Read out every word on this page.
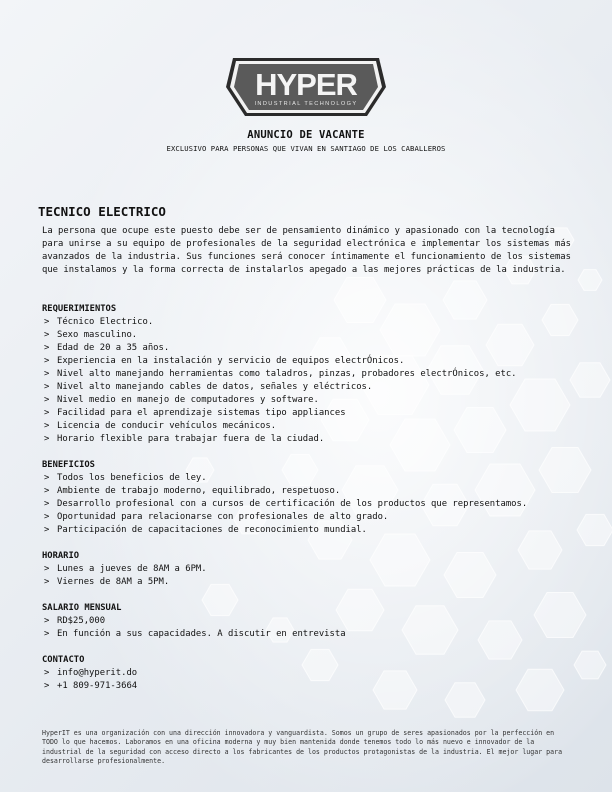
HYPER
INDUSTRIAL TECHNOLOGY
ANUNCIO DE VACANTE
EXCLUSIVO PARA PERSONAS QUE VIVAN EN SANTIAGO DE LOS CABALLEROS
TECNICO ELECTRICO

La persona que ocupe este puesto debe ser de pensamiento dinámico y apasionado con la tecnología para unirse a su equipo de profesionales de la seguridad electrónica e implementar los sistemas más avanzados de la industria. Sus funciones será conocer íntimamente el funcionamiento de los sistemas que instalamos y la forma correcta de instalarlos apegado a las mejores prácticas de la industria.

REQUERIMIENTOS
> Técnico Electrico.
> Sexo masculino.
> Edad de 20 a 35 años.
> Experiencia en la instalación y servicio de equipos electrÓnicos.
> Nivel alto manejando herramientas como taladros, pinzas, probadores electrÓnicos, etc.
> Nivel alto manejando cables de datos, señales y eléctricos.
> Nivel medio en manejo de computadores y software.
> Facilidad para el aprendizaje sistemas tipo appliances
> Licencia de conducir vehículos mecánicos.
> Horario flexible para trabajar fuera de la ciudad.
BENEFICIOS
> Todos los beneficios de ley.
> Ambiente de trabajo moderno, equilibrado, respetuoso.
> Desarrollo profesional con a cursos de certificación de los productos que representamos.
> Oportunidad para relacionarse con profesionales de alto grado.
> Participación de capacitaciones de reconocimiento mundial.
HORARIO
> Lunes a jueves de 8AM a 6PM.
> Viernes de 8AM a 5PM.
SALARIO MENSUAL
> RD$25,000
> En función a sus capacidades. A discutir en entrevista
CONTACTO
> info@hyperit.do
> +1 809-971-3664

HyperIT es una organización con una dirección innovadora y vanguardista. Somos un grupo de seres apasionados por la perfección en TODO lo que hacemos. Laboramos en una oficina moderna y muy bien mantenida donde tenemos todo lo más nuevo e innovador de la industrial de la seguridad con acceso directo a los fabricantes de los productos protagonistas de la industria. El mejor lugar para desarrollarse profesionalmente.
